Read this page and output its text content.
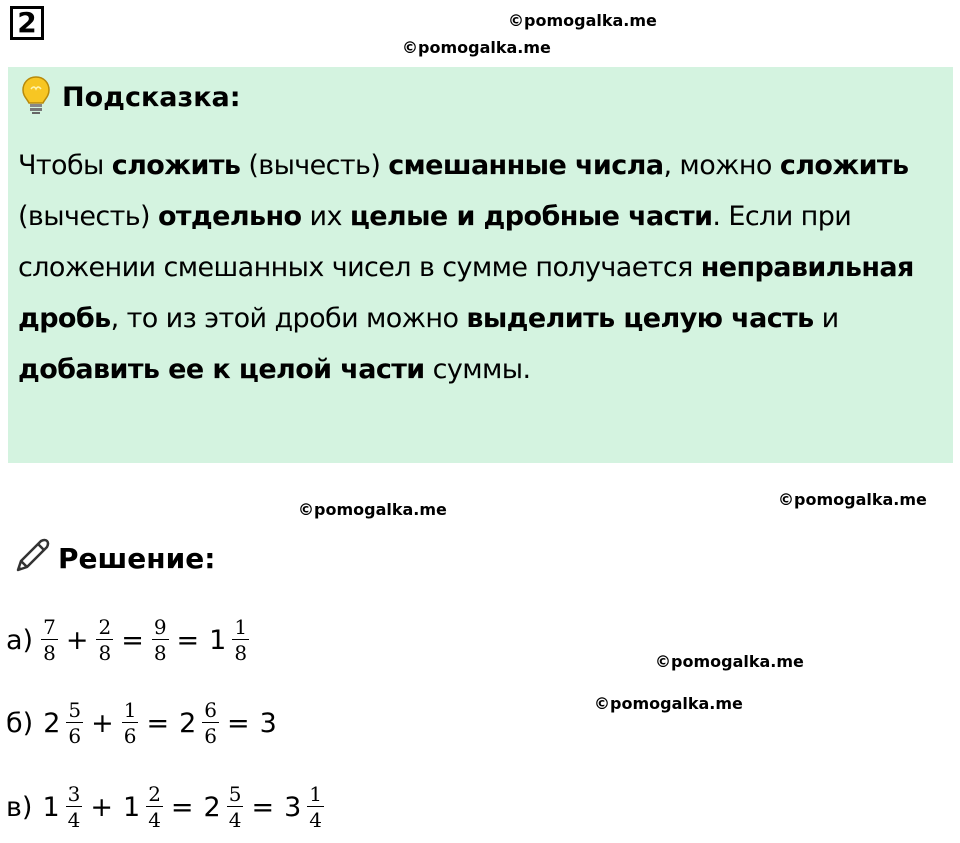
2	©pomogalka.me
©pomogalka.me
Подсказка:
Чтобы сложить (вычесть) смешанные числа, можно сложить (вычесть) отдельно их целые и дробные части. Если при сложении смешанных чисел в сумме получается неправильная дробь, то из этой дроби можно выделить целую часть и добавить ее к целой части суммы.
©pomogalka.me
©pomogalka.me
Решение:
$а) \frac{7}{8} + \frac{2}{8} = \frac{9}{8} = 1 \frac{1}{8}$
б) $2 \frac{5}{6} + \frac{1}{6} = 2 \frac{6}{6} = 3$
в) $1 \frac{3}{4} + 1 \frac{2}{4} = 2 \frac{5}{4} = 3 \frac{1}{4}$
©pomogalka.me
©pomogalka.me
